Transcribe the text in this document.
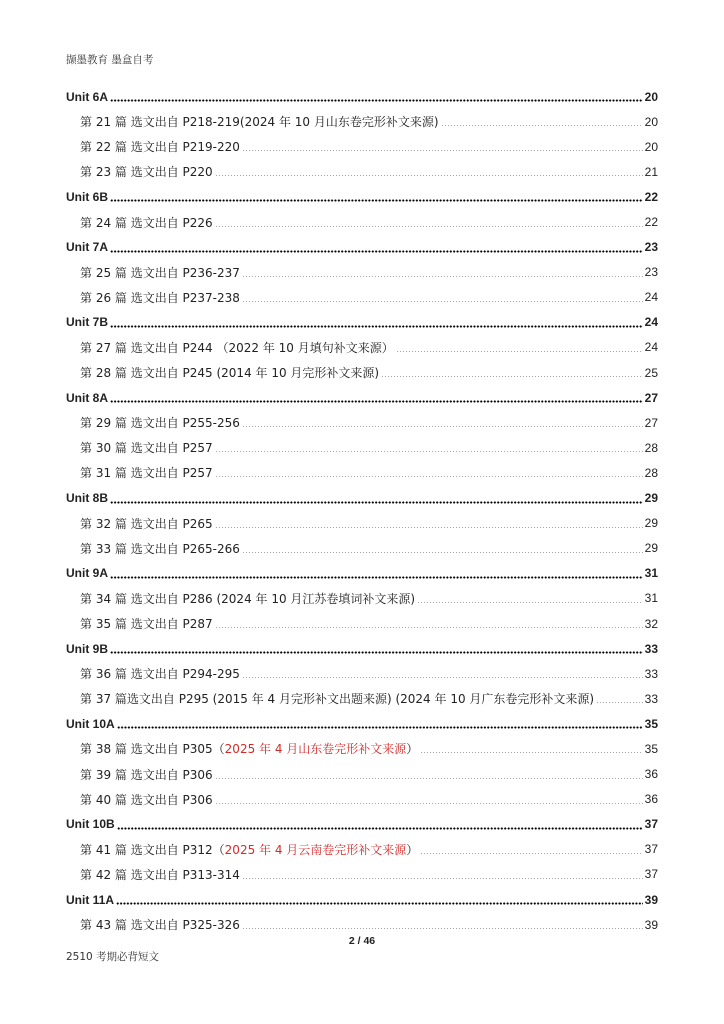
撷墨教育 墨盒自考
Unit 6A	20
第 21 篇 选文出自 P218-219(2024 年 10 月山东卷完形补文来源)	20
第 22 篇 选文出自 P219-220	20
第 23 篇 选文出自 P220	21
Unit 6B	22
第 24 篇 选文出自 P226	22
Unit 7A	23
第 25 篇 选文出自 P236-237	23
第 26 篇 选文出自 P237-238	24
Unit 7B	24
第 27 篇 选文出自 P244 （2022 年 10 月填句补文来源）	24
第 28 篇 选文出自 P245 (2014 年 10 月完形补文来源)	25
Unit 8A	27
第 29 篇 选文出自 P255-256	27
第 30 篇 选文出自 P257	28
第 31 篇 选文出自 P257	28
Unit 8B	29
第 32 篇 选文出自 P265	29
第 33 篇 选文出自 P265-266	29
Unit 9A	31
第 34 篇 选文出自 P286 (2024 年 10 月江苏卷填词补文来源)	31
第 35 篇 选文出自 P287	32
Unit 9B	33
第 36 篇 选文出自 P294-295	33
第 37 篇选文出自 P295 (2015 年 4 月完形补文出题来源) (2024 年 10 月广东卷完形补文来源)	33
Unit 10A	35
第 38 篇 选文出自 P305（2025 年 4 月山东卷完形补文来源）	35
第 39 篇 选文出自 P306	36
第 40 篇 选文出自 P306	36
Unit 10B	37
第 41 篇 选文出自 P312（2025 年 4 月云南卷完形补文来源）	37
第 42 篇 选文出自 P313-314	37
Unit 11A	39
第 43 篇 选文出自 P325-326	39
2 / 46
2510 考期必背短文
